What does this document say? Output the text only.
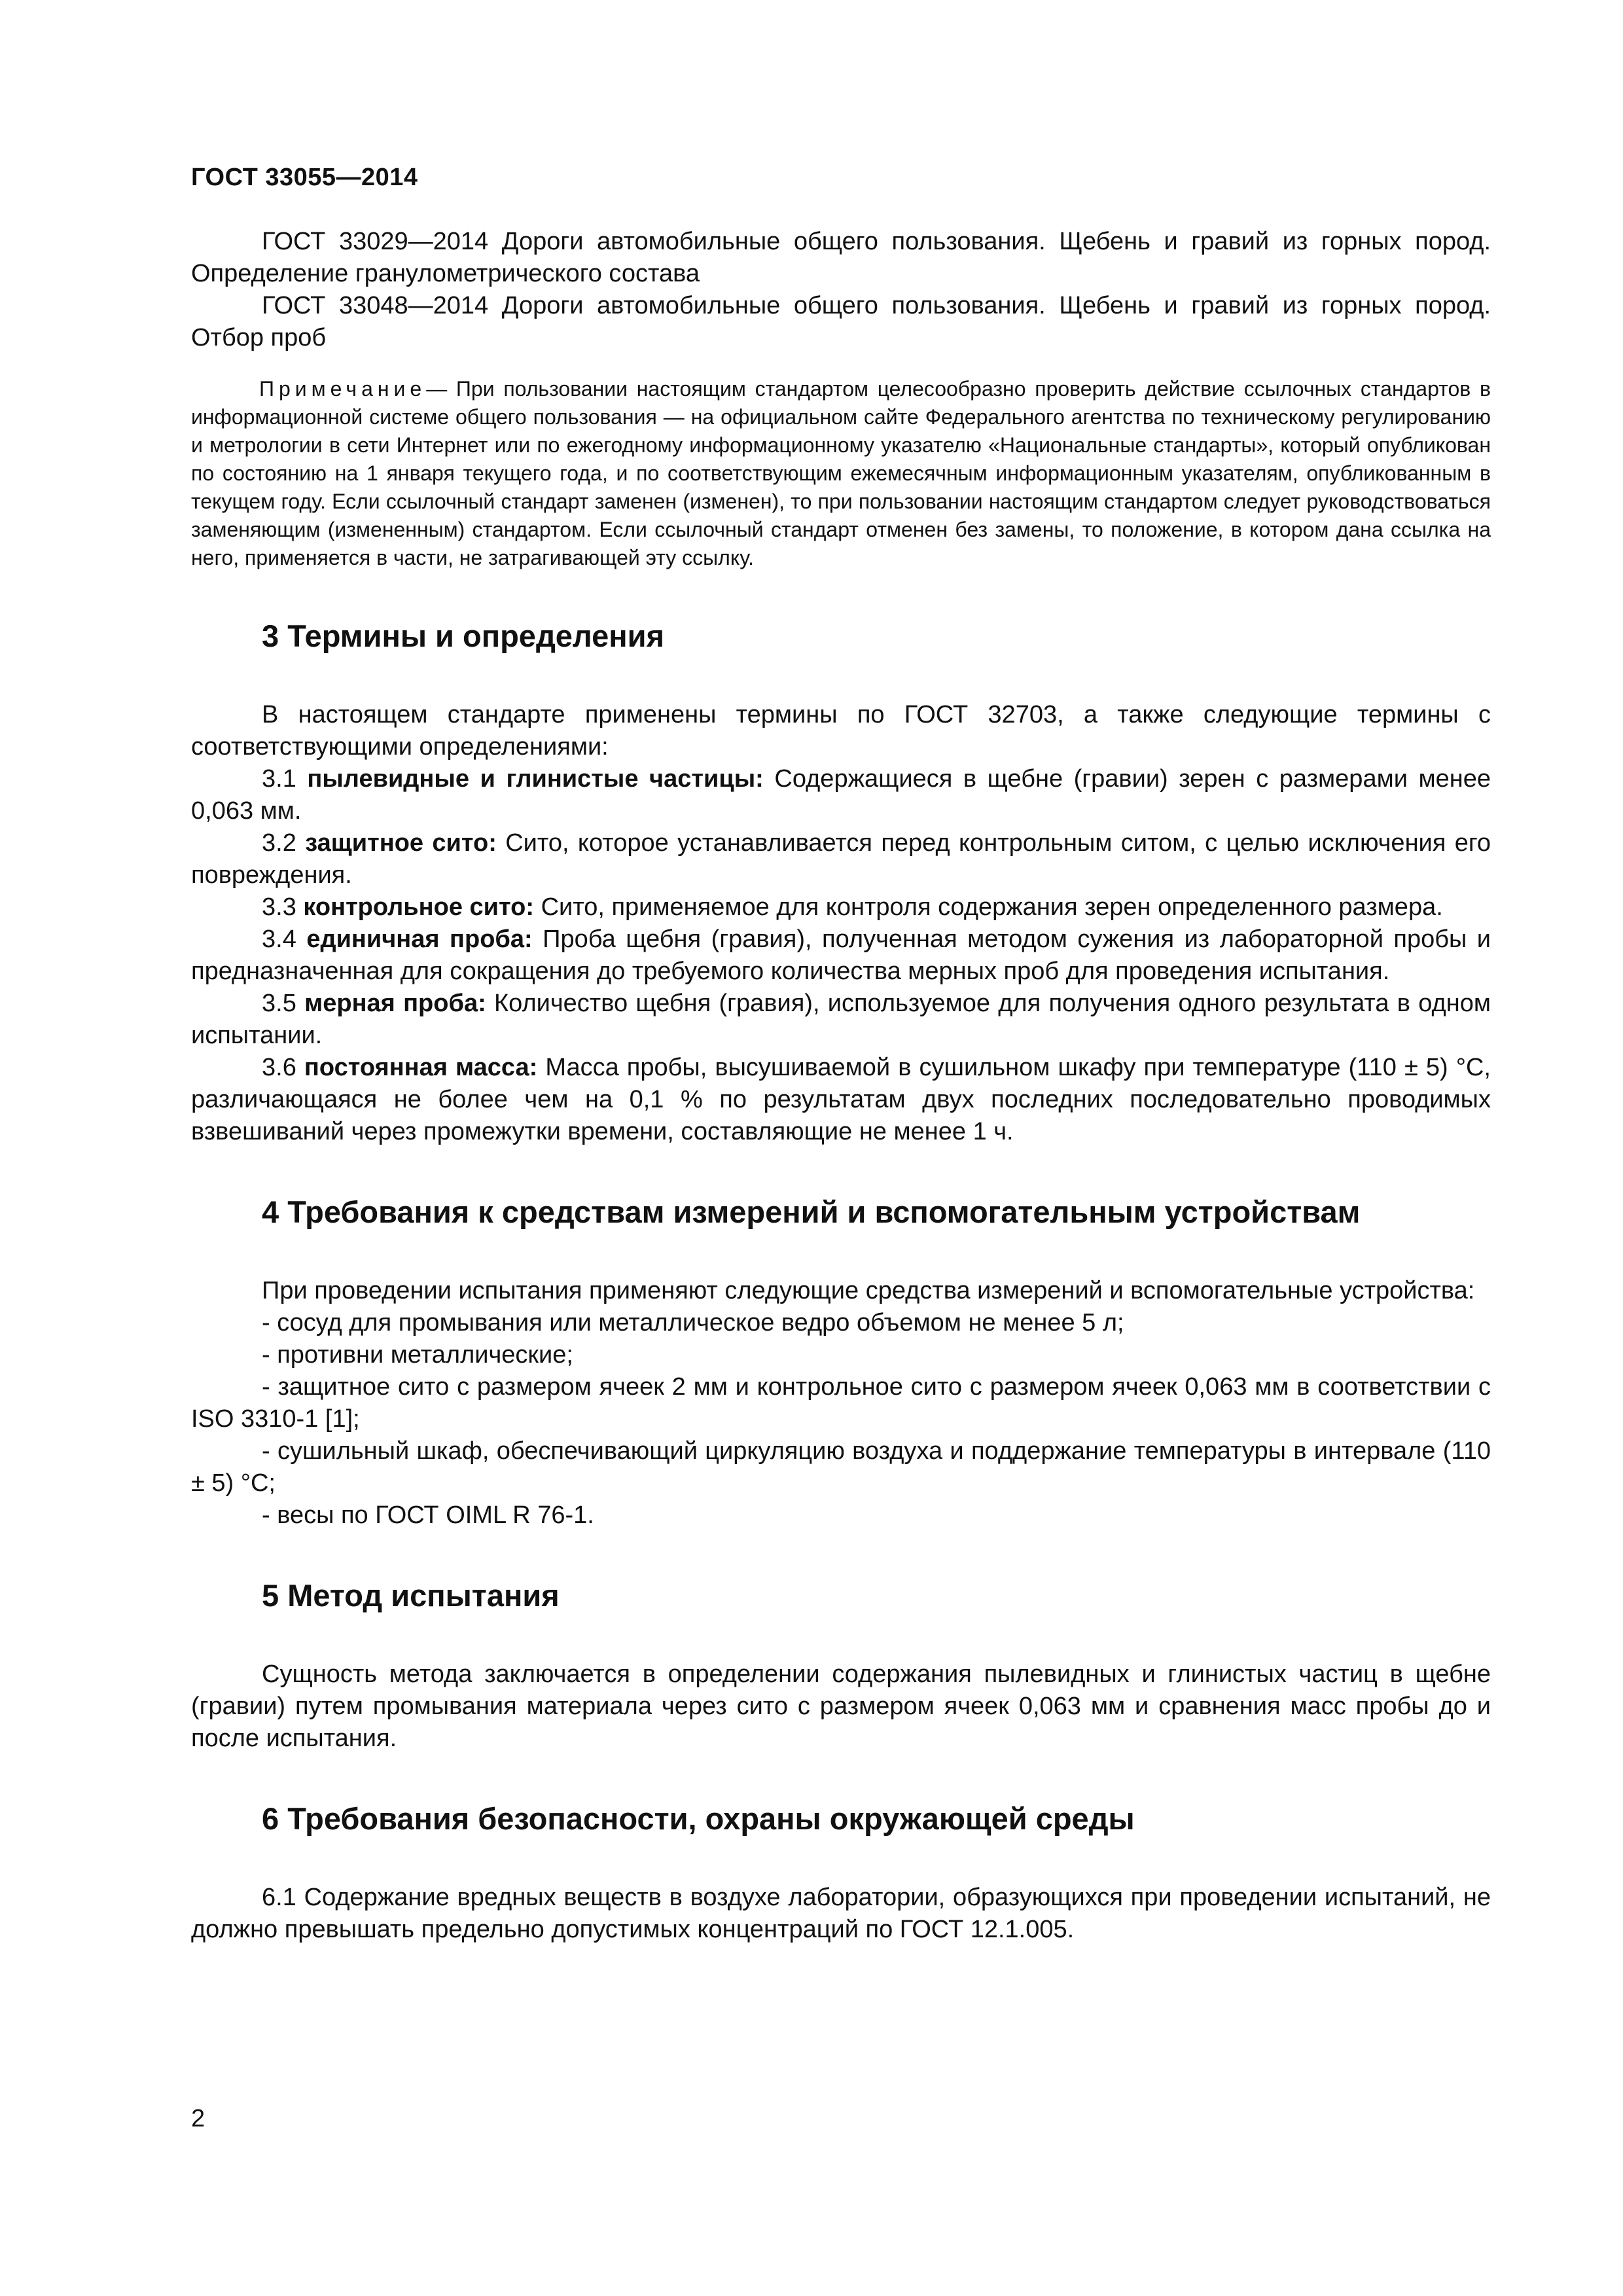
ГОСТ 33055—2014

ГОСТ 33029—2014 Дороги автомобильные общего пользования. Щебень и гравий из горных пород. Определение гранулометрического состава

ГОСТ 33048—2014 Дороги автомобильные общего пользования. Щебень и гравий из горных пород. Отбор проб

Примечание— При пользовании настоящим стандартом целесообразно проверить действие ссылочных стандартов в информационной системе общего пользования — на официальном сайте Федерального агентства по техническому регулированию и метрологии в сети Интернет или по ежегодному информационному указателю «Национальные стандарты», который опубликован по состоянию на 1 января текущего года, и по соответствующим ежемесячным информационным указателям, опубликованным в текущем году. Если ссылочный стандарт заменен (изменен), то при пользовании настоящим стандартом следует руководствоваться заменяющим (измененным) стандартом. Если ссылочный стандарт отменен без замены, то положение, в котором дана ссылка на него, применяется в части, не затрагивающей эту ссылку.

3 Термины и определения

В настоящем стандарте применены термины по ГОСТ 32703, а также следующие термины с соответствующими определениями:

3.1 пылевидные и глинистые частицы: Содержащиеся в щебне (гравии) зерен с размерами менее 0,063 мм.

3.2 защитное сито: Сито, которое устанавливается перед контрольным ситом, с целью исключения его повреждения.

3.3 контрольное сито: Сито, применяемое для контроля содержания зерен определенного размера.

3.4 единичная проба: Проба щебня (гравия), полученная методом сужения из лабораторной пробы и предназначенная для сокращения до требуемого количества мерных проб для проведения испытания.

3.5 мерная проба: Количество щебня (гравия), используемое для получения одного результата в одном испытании.

3.6 постоянная масса: Масса пробы, высушиваемой в сушильном шкафу при температуре (110 ± 5) °С, различающаяся не более чем на 0,1 % по результатам двух последних последовательно проводимых взвешиваний через промежутки времени, составляющие не менее 1 ч.

4 Требования к средствам измерений и вспомогательным устройствам

При проведении испытания применяют следующие средства измерений и вспомогательные устройства:

- сосуд для промывания или металлическое ведро объемом не менее 5 л;

- противни металлические;

- защитное сито с размером ячеек 2 мм и контрольное сито с размером ячеек 0,063 мм в соответствии с ISO 3310-1 [1];

- сушильный шкаф, обеспечивающий циркуляцию воздуха и поддержание температуры в интервале (110 ± 5) °С;

- весы по ГОСТ OIML R 76-1.

5 Метод испытания

Сущность метода заключается в определении содержания пылевидных и глинистых частиц в щебне (гравии) путем промывания материала через сито с размером ячеек 0,063 мм и сравнения масс пробы до и после испытания.

6 Требования безопасности, охраны окружающей среды

6.1 Содержание вредных веществ в воздухе лаборатории, образующихся при проведении испытаний, не должно превышать предельно допустимых концентраций по ГОСТ 12.1.005.

2
